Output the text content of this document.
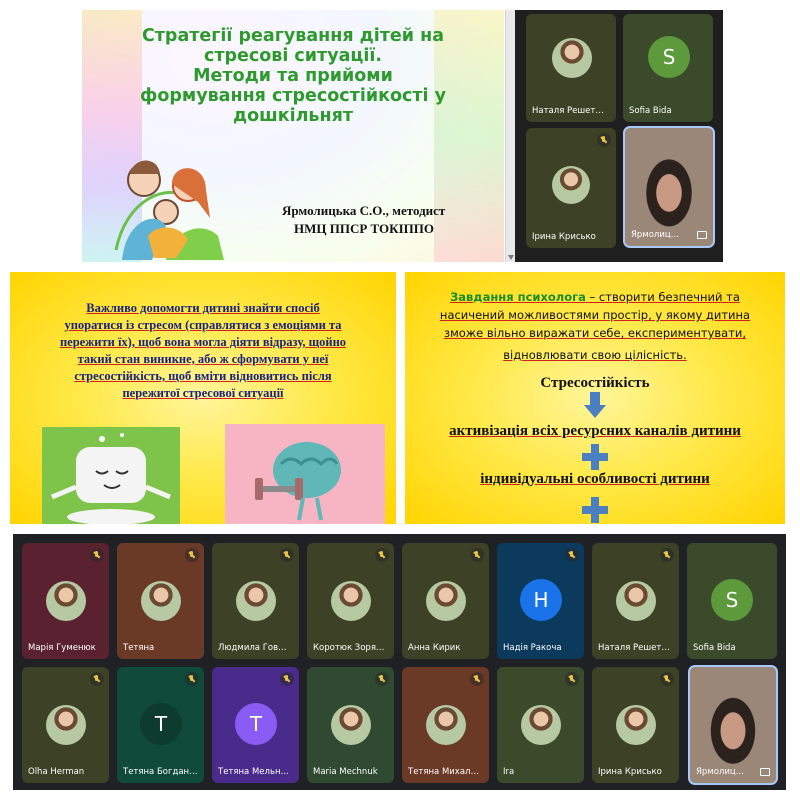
Стратегії реагування дітей на
стресові ситуації.
Методи та прийоми
формування стресостійкості у
дошкільнят
Ярмолицька С.О., методист
НМЦ ППСР ТОКІППО
Наталя Решет…
S
Sofia Bida
Ірина Крисько	Ярмолиц…
Важливо допомогти дитині знайти спосіб
упоратися із стресом (справлятися з емоціями та
пережити їх), щоб вона могла діяти відразу, щойно
такий стан виникне, або ж сформувати у неї
стресостійкість, щоб вміти відновитись після
пережитої стресової ситуації
Завдання психолога – створити безпечний та
насичений можливостями простір, у якому дитина
зможе вільно виражати себе, експериментувати,
відновлювати свою цілісність.
Стресостійкість
активізація всіх ресурсних каналів дитини
індивідуальні особливості дитини
Марія Гуменюк	Тетяна	Людмила Гов…	Коротюк Зоря…	Анна Кирик
H
Надія Ракоча	Наталя Решет…
S
Sofia Bida
Olha Herman
T
Тетяна Богдан…
T
Тетяна Мельн…	Maria Mechnuk	Тетяна Михал…	Ira	Ірина Крисько	Ярмолиц…
